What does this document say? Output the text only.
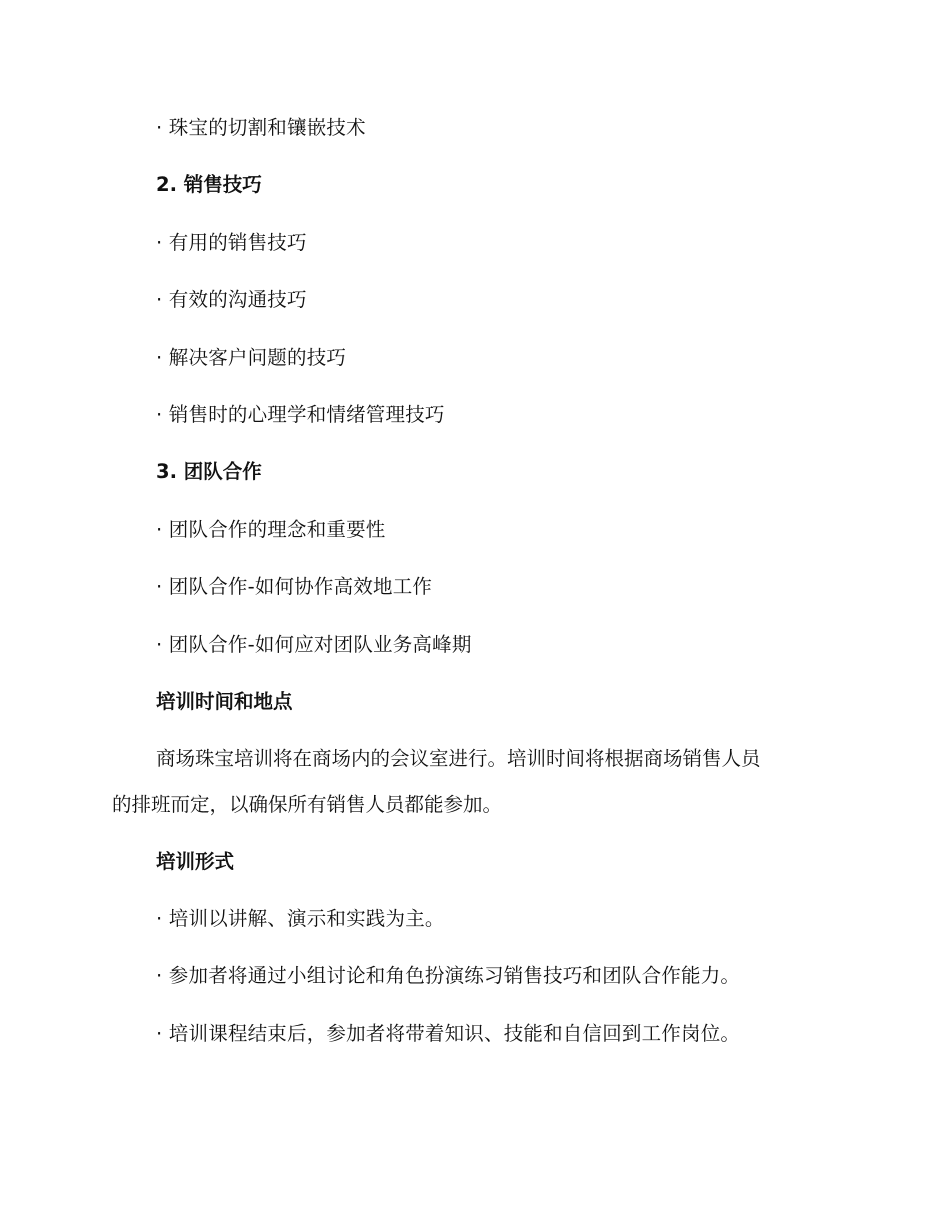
· 珠宝的切割和镶嵌技术
2. 销售技巧
· 有用的销售技巧
· 有效的沟通技巧
· 解决客户问题的技巧
· 销售时的心理学和情绪管理技巧
3. 团队合作
· 团队合作的理念和重要性
· 团队合作-如何协作高效地工作
· 团队合作-如何应对团队业务高峰期
培训时间和地点
商场珠宝培训将在商场内的会议室进行。培训时间将根据商场销售人员
的排班而定，以确保所有销售人员都能参加。
培训形式
· 培训以讲解、演示和实践为主。
· 参加者将通过小组讨论和角色扮演练习销售技巧和团队合作能力。
· 培训课程结束后，参加者将带着知识、技能和自信回到工作岗位。
